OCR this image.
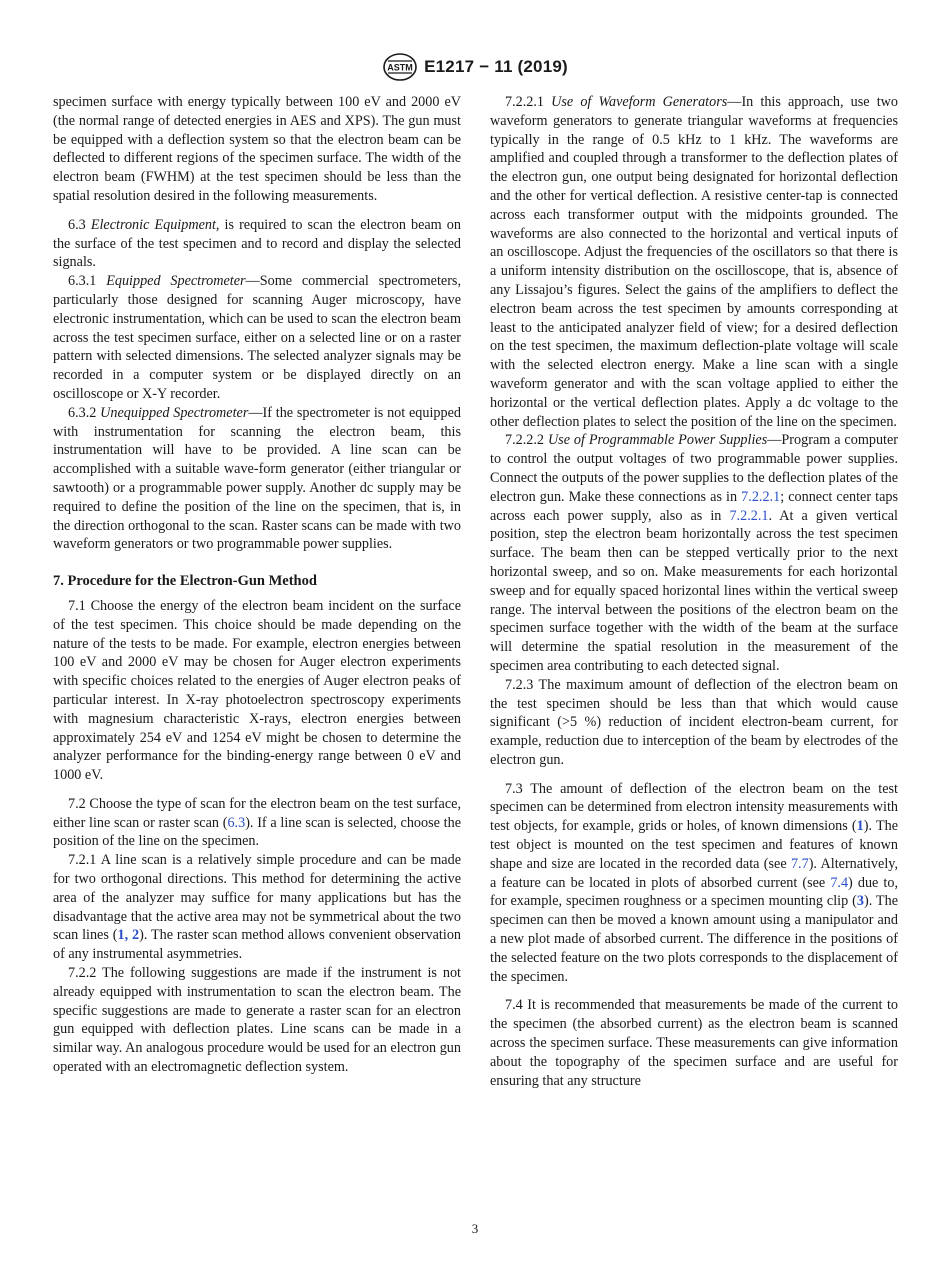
ASTM E1217 − 11 (2019)

specimen surface with energy typically between 100 eV and 2000 eV (the normal range of detected energies in AES and XPS). The gun must be equipped with a deflection system so that the electron beam can be deflected to different regions of the specimen surface. The width of the electron beam (FWHM) at the test specimen should be less than the spatial resolution desired in the following measurements.

6.3 Electronic Equipment, is required to scan the electron beam on the surface of the test specimen and to record and display the selected signals.

6.3.1 Equipped Spectrometer—Some commercial spectrometers, particularly those designed for scanning Auger microscopy, have electronic instrumentation, which can be used to scan the electron beam across the test specimen surface, either on a selected line or on a raster pattern with selected dimensions. The selected analyzer signals may be recorded in a computer system or be displayed directly on an oscilloscope or X-Y recorder.

6.3.2 Unequipped Spectrometer—If the spectrometer is not equipped with instrumentation for scanning the electron beam, this instrumentation will have to be provided. A line scan can be accomplished with a suitable wave-form generator (either triangular or sawtooth) or a programmable power supply. Another dc supply may be required to define the position of the line on the specimen, that is, in the direction orthogonal to the scan. Raster scans can be made with two waveform generators or two programmable power supplies.

7. Procedure for the Electron-Gun Method

7.1 Choose the energy of the electron beam incident on the surface of the test specimen. This choice should be made depending on the nature of the tests to be made. For example, electron energies between 100 eV and 2000 eV may be chosen for Auger electron experiments with specific choices related to the energies of Auger electron peaks of particular interest. In X-ray photoelectron spectroscopy experiments with magnesium characteristic X-rays, electron energies between approximately 254 eV and 1254 eV might be chosen to determine the analyzer performance for the binding-energy range between 0 eV and 1000 eV.

7.2 Choose the type of scan for the electron beam on the test surface, either line scan or raster scan (6.3). If a line scan is selected, choose the position of the line on the specimen.

7.2.1 A line scan is a relatively simple procedure and can be made for two orthogonal directions. This method for determining the active area of the analyzer may suffice for many applications but has the disadvantage that the active area may not be symmetrical about the two scan lines (1, 2). The raster scan method allows convenient observation of any instrumental asymmetries.

7.2.2 The following suggestions are made if the instrument is not already equipped with instrumentation to scan the electron beam. The specific suggestions are made to generate a raster scan for an electron gun equipped with deflection plates. Line scans can be made in a similar way. An analogous procedure would be used for an electron gun operated with an electromagnetic deflection system.

7.2.2.1 Use of Waveform Generators—In this approach, use two waveform generators to generate triangular waveforms at frequencies typically in the range of 0.5 kHz to 1 kHz. The waveforms are amplified and coupled through a transformer to the deflection plates of the electron gun, one output being designated for horizontal deflection and the other for vertical deflection. A resistive center-tap is connected across each transformer output with the midpoints grounded. The waveforms are also connected to the horizontal and vertical inputs of an oscilloscope. Adjust the frequencies of the oscillators so that there is a uniform intensity distribution on the oscilloscope, that is, absence of any Lissajou’s figures. Select the gains of the amplifiers to deflect the electron beam across the test specimen by amounts corresponding at least to the anticipated analyzer field of view; for a desired deflection on the test specimen, the maximum deflection-plate voltage will scale with the selected electron energy. Make a line scan with a single waveform generator and with the scan voltage applied to either the horizontal or the vertical deflection plates. Apply a dc voltage to the other deflection plates to select the position of the line on the specimen.

7.2.2.2 Use of Programmable Power Supplies—Program a computer to control the output voltages of two programmable power supplies. Connect the outputs of the power supplies to the deflection plates of the electron gun. Make these connections as in 7.2.2.1; connect center taps across each power supply, also as in 7.2.2.1. At a given vertical position, step the electron beam horizontally across the test specimen surface. The beam then can be stepped vertically prior to the next horizontal sweep, and so on. Make measurements for each horizontal sweep and for equally spaced horizontal lines within the vertical sweep range. The interval between the positions of the electron beam on the specimen surface together with the width of the beam at the surface will determine the spatial resolution in the measurement of the specimen area contributing to each detected signal.

7.2.3 The maximum amount of deflection of the electron beam on the test specimen should be less than that which would cause significant (>5 %) reduction of incident electron-beam current, for example, reduction due to interception of the beam by electrodes of the electron gun.

7.3 The amount of deflection of the electron beam on the test specimen can be determined from electron intensity measurements with test objects, for example, grids or holes, of known dimensions (1). The test object is mounted on the test specimen and features of known shape and size are located in the recorded data (see 7.7). Alternatively, a feature can be located in plots of absorbed current (see 7.4) due to, for example, specimen roughness or a specimen mounting clip (3). The specimen can then be moved a known amount using a manipulator and a new plot made of absorbed current. The difference in the positions of the selected feature on the two plots corresponds to the displacement of the specimen.

7.4 It is recommended that measurements be made of the current to the specimen (the absorbed current) as the electron beam is scanned across the specimen surface. These measurements can give information about the topography of the specimen surface and are useful for ensuring that any structure

3
